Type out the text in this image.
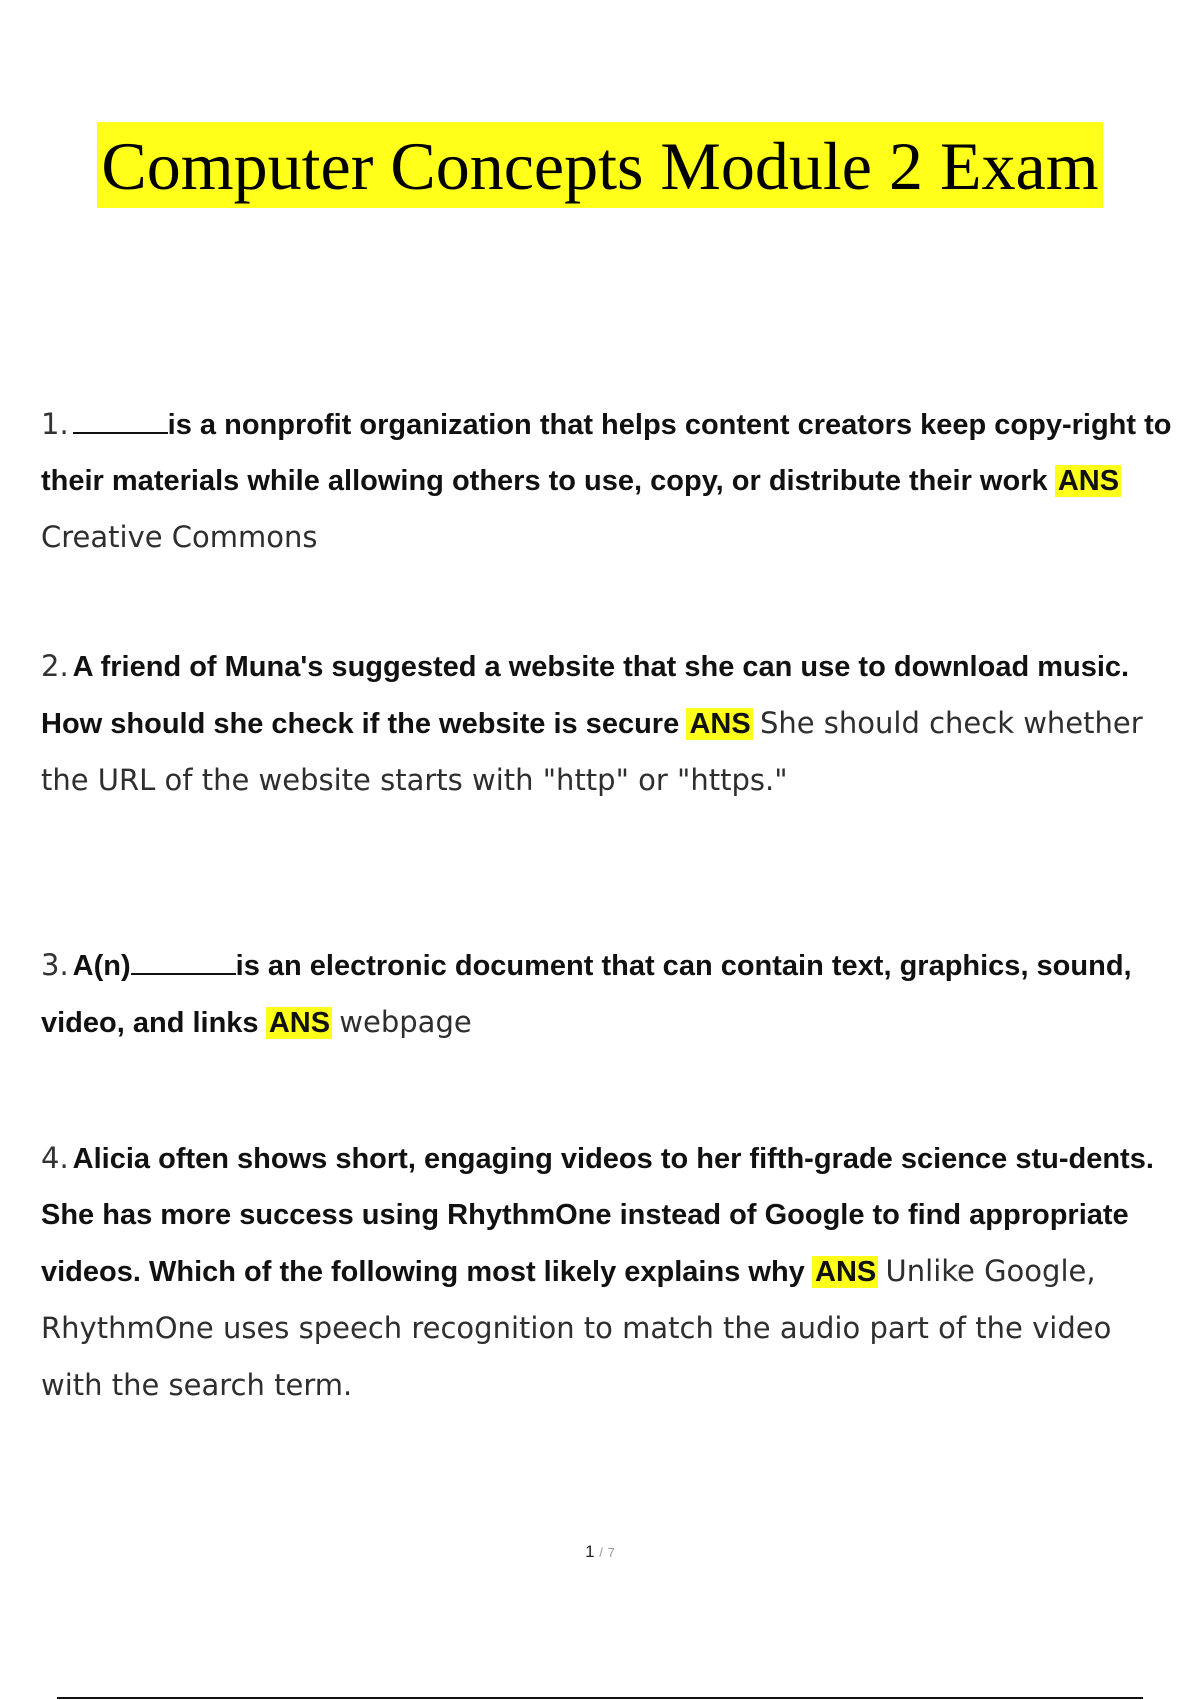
Computer Concepts Module 2 Exam
1.	is a nonprofit organization that helps content creators keep copy-right to their materials while allowing others to use, copy, or distribute their work ANS Creative Commons
2. A friend of Muna's suggested a website that she can use to download music. How should she check if the website is secure ANS She should check whether the URL of the website starts with "http" or "https."
3. A(n)	is an electronic document that can contain text, graphics, sound, video, and links ANS webpage
4. Alicia often shows short, engaging videos to her fifth-grade science stu-dents. She has more success using RhythmOne instead of Google to find appropriate videos. Which of the following most likely explains why ANS Unlike Google, RhythmOne uses speech recognition to match the audio part of the video with the search term.
1 / 7
